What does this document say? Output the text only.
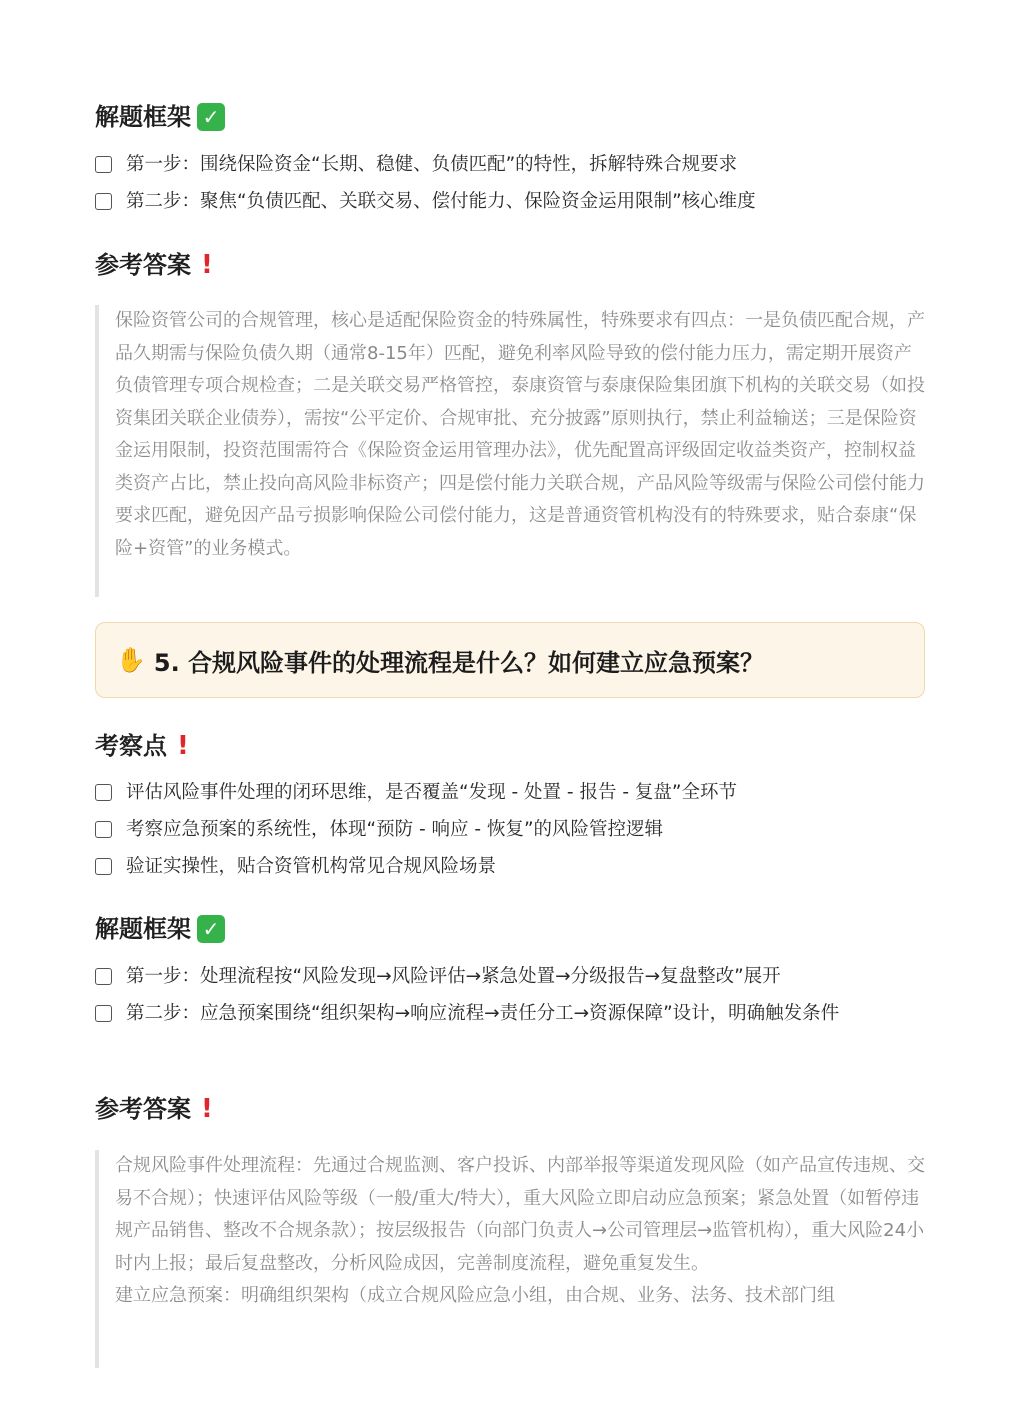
解题框架 ✓
第一步：围绕保险资金“长期、稳健、负债匹配”的特性，拆解特殊合规要求
第二步：聚焦“负债匹配、关联交易、偿付能力、保险资金运用限制”核心维度
参考答案 !

保险资管公司的合规管理，核心是适配保险资金的特殊属性，特殊要求有四点：一是负债匹配合规，产品久期需与保险负债久期（通常8-15年）匹配，避免利率风险导致的偿付能力压力，需定期开展资产负债管理专项合规检查；二是关联交易严格管控，泰康资管与泰康保险集团旗下机构的关联交易（如投资集团关联企业债券），需按“公平定价、合规审批、充分披露”原则执行，禁止利益输送；三是保险资金运用限制，投资范围需符合《保险资金运用管理办法》，优先配置高评级固定收益类资产，控制权益类资产占比，禁止投向高风险非标资产；四是偿付能力关联合规，产品风险等级需与保险公司偿付能力要求匹配，避免因产品亏损影响保险公司偿付能力，这是普通资管机构没有的特殊要求，贴合泰康“保险+资管”的业务模式。

✋ 5. 合规风险事件的处理流程是什么？如何建立应急预案？
考察点 !
评估风险事件处理的闭环思维，是否覆盖“发现 - 处置 - 报告 - 复盘”全环节
考察应急预案的系统性，体现“预防 - 响应 - 恢复”的风险管控逻辑
验证实操性，贴合资管机构常见合规风险场景
解题框架 ✓
第一步：处理流程按“风险发现→风险评估→紧急处置→分级报告→复盘整改”展开
第二步：应急预案围绕“组织架构→响应流程→责任分工→资源保障”设计，明确触发条件
参考答案 !

合规风险事件处理流程：先通过合规监测、客户投诉、内部举报等渠道发现风险（如产品宣传违规、交易不合规）；快速评估风险等级（一般/重大/特大），重大风险立即启动应急预案；紧急处置（如暂停违规产品销售、整改不合规条款）；按层级报告（向部门负责人→公司管理层→监管机构），重大风险24小时内上报；最后复盘整改，分析风险成因，完善制度流程，避免重复发生。

建立应急预案：明确组织架构（成立合规风险应急小组，由合规、业务、法务、技术部门组
